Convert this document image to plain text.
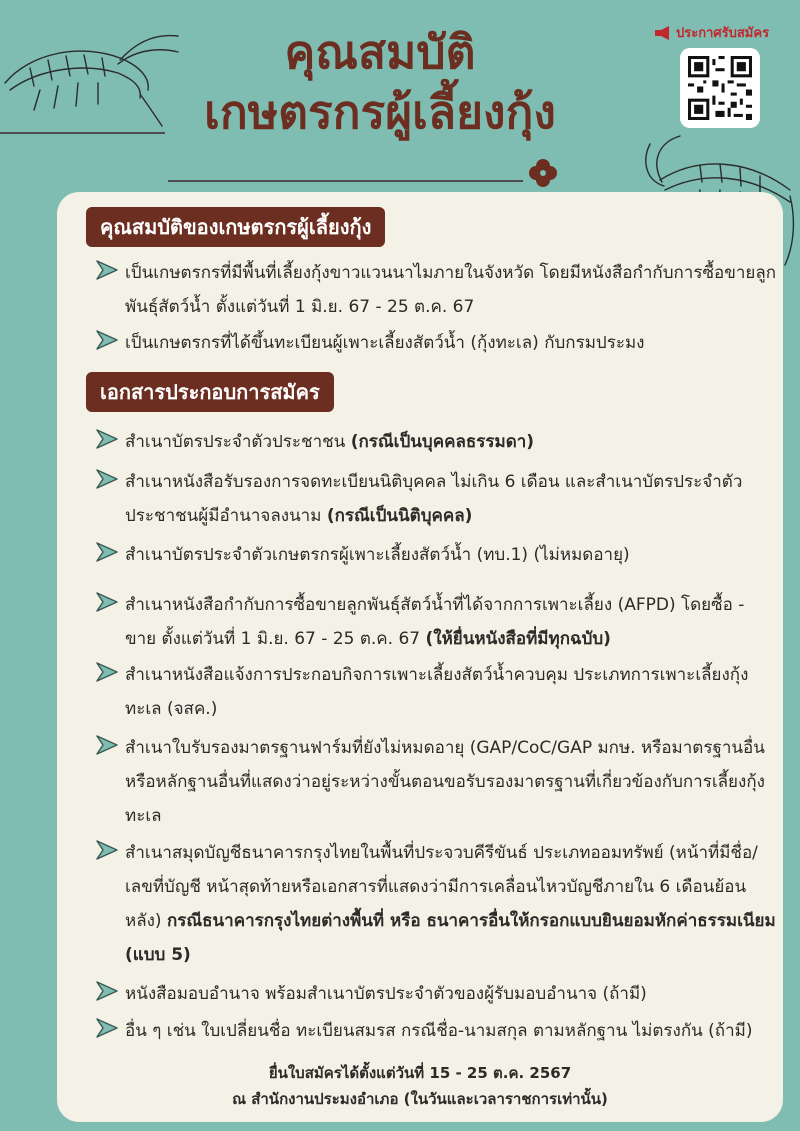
คุณสมบัติ
เกษตรกรผู้เลี้ยงกุ้ง
ประกาศรับสมัคร
คุณสมบัติของเกษตรกรผู้เลี้ยงกุ้ง
เป็นเกษตรกรที่มีพื้นที่เลี้ยงกุ้งขาวแวนนาไมภายในจังหวัด โดยมีหนังสือกำกับการซื้อขายลูกพันธุ์สัตว์น้ำ ตั้งแต่วันที่ 1 มิ.ย. 67 - 25 ต.ค. 67
เป็นเกษตรกรที่ได้ขึ้นทะเบียนผู้เพาะเลี้ยงสัตว์น้ำ (กุ้งทะเล) กับกรมประมง
เอกสารประกอบการสมัคร
สำเนาบัตรประจำตัวประชาชน (กรณีเป็นบุคคลธรรมดา)
สำเนาหนังสือรับรองการจดทะเบียนนิติบุคคล ไม่เกิน 6 เดือน และสำเนาบัตรประจำตัวประชาชนผู้มีอำนาจลงนาม (กรณีเป็นนิติบุคคล)
สำเนาบัตรประจำตัวเกษตรกรผู้เพาะเลี้ยงสัตว์น้ำ (ทบ.1) (ไม่หมดอายุ)
สำเนาหนังสือกำกับการซื้อขายลูกพันธุ์สัตว์น้ำที่ได้จากการเพาะเลี้ยง (AFPD) โดยซื้อ - ขาย ตั้งแต่วันที่ 1 มิ.ย. 67 - 25 ต.ค. 67 (ให้ยื่นหนังสือที่มีทุกฉบับ)
สำเนาหนังสือแจ้งการประกอบกิจการเพาะเลี้ยงสัตว์น้ำควบคุม ประเภทการเพาะเลี้ยงกุ้งทะเล (จสค.)
สำเนาใบรับรองมาตรฐานฟาร์มที่ยังไม่หมดอายุ (GAP/CoC/GAP มกษ. หรือมาตรฐานอื่น หรือหลักฐานอื่นที่แสดงว่าอยู่ระหว่างขั้นตอนขอรับรองมาตรฐานที่เกี่ยวข้องกับการเลี้ยงกุ้งทะเล
สำเนาสมุดบัญชีธนาคารกรุงไทยในพื้นที่ประจวบคีรีขันธ์ ประเภทออมทรัพย์ (หน้าที่มีชื่อ/เลขที่บัญชี หน้าสุดท้ายหรือเอกสารที่แสดงว่ามีการเคลื่อนไหวบัญชีภายใน 6 เดือนย้อนหลัง) กรณีธนาคารกรุงไทยต่างพื้นที่ หรือ ธนาคารอื่นให้กรอกแบบยินยอมหักค่าธรรมเนียม (แบบ 5)
หนังสือมอบอำนาจ พร้อมสำเนาบัตรประจำตัวของผู้รับมอบอำนาจ (ถ้ามี)
อื่น ๆ เช่น ใบเปลี่ยนชื่อ ทะเบียนสมรส กรณีชื่อ-นามสกุล ตามหลักฐาน ไม่ตรงกัน (ถ้ามี)
ยื่นใบสมัครได้ตั้งแต่วันที่ 15 - 25 ต.ค. 2567
ณ สำนักงานประมงอำเภอ (ในวันและเวลาราชการเท่านั้น)
